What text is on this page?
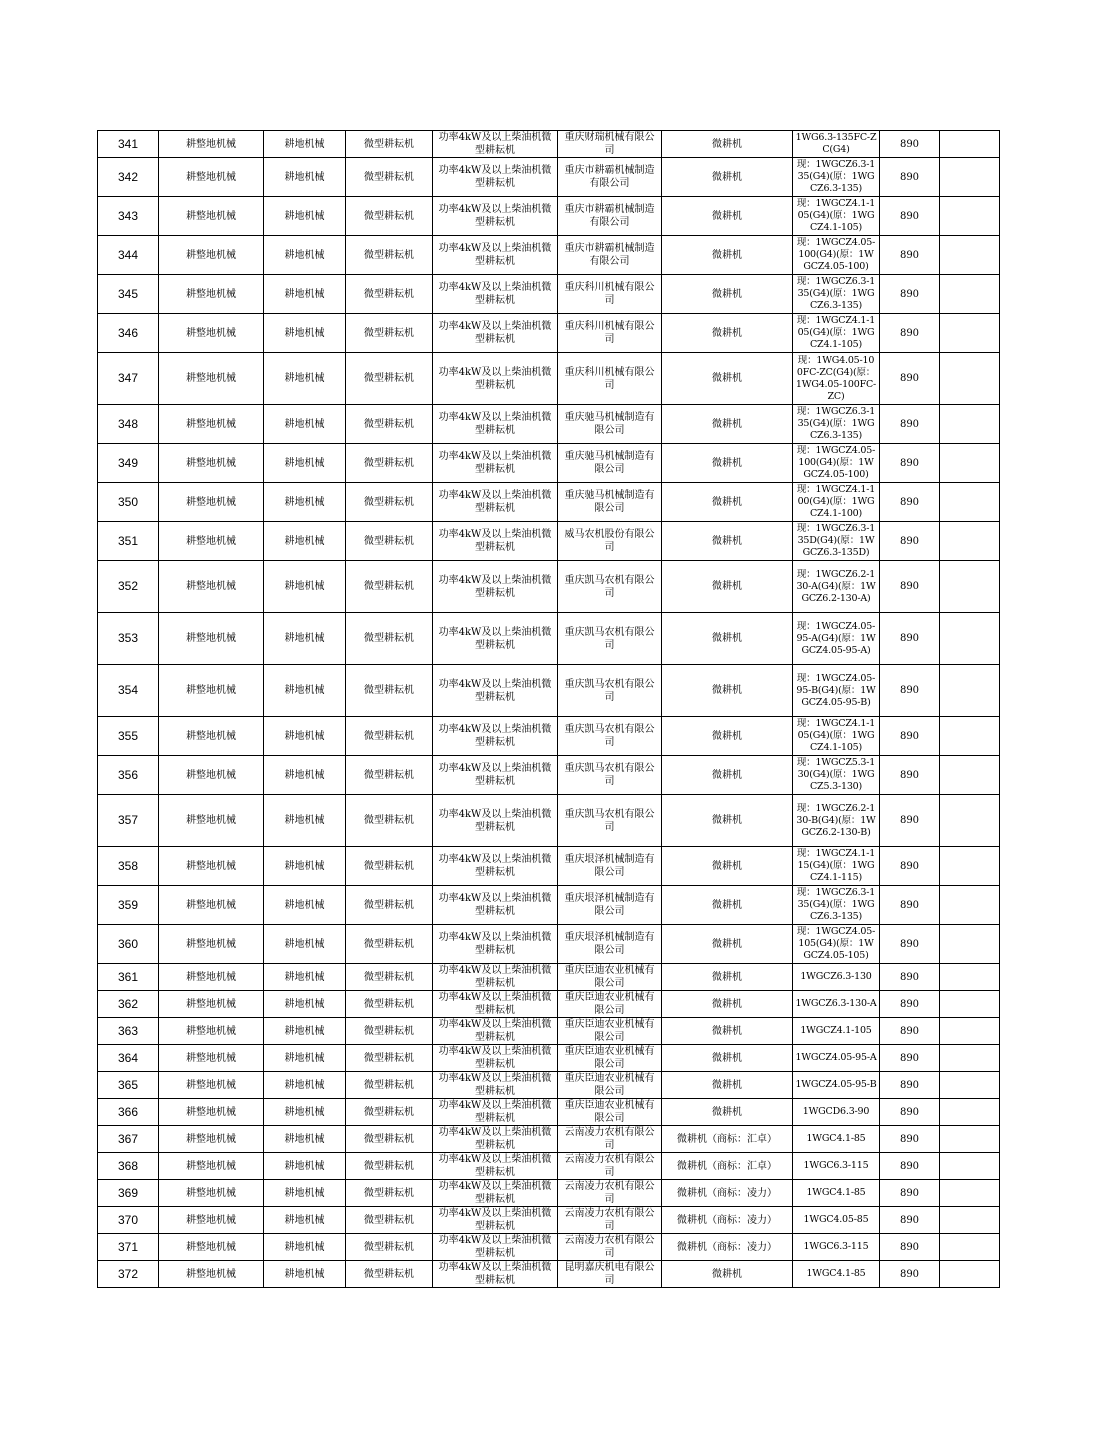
341	耕整地机械	耕地机械	微型耕耘机	功率4kW及以上柴油机微型耕耘机	重庆财瑞机械有限公司	微耕机	1WG6.3-135FC-ZC(G4)	890	
342	耕整地机械	耕地机械	微型耕耘机	功率4kW及以上柴油机微型耕耘机	重庆市耕霸机械制造有限公司	微耕机	现：1WGCZ6.3-135(G4)(原：1WGCZ6.3-135)	890	
343	耕整地机械	耕地机械	微型耕耘机	功率4kW及以上柴油机微型耕耘机	重庆市耕霸机械制造有限公司	微耕机	现：1WGCZ4.1-105(G4)(原：1WGCZ4.1-105)	890	
344	耕整地机械	耕地机械	微型耕耘机	功率4kW及以上柴油机微型耕耘机	重庆市耕霸机械制造有限公司	微耕机	现：1WGCZ4.05-100(G4)(原：1WGCZ4.05-100)	890	
345	耕整地机械	耕地机械	微型耕耘机	功率4kW及以上柴油机微型耕耘机	重庆科川机械有限公司	微耕机	现：1WGCZ6.3-135(G4)(原：1WGCZ6.3-135)	890	
346	耕整地机械	耕地机械	微型耕耘机	功率4kW及以上柴油机微型耕耘机	重庆科川机械有限公司	微耕机	现：1WGCZ4.1-105(G4)(原：1WGCZ4.1-105)	890	
347	耕整地机械	耕地机械	微型耕耘机	功率4kW及以上柴油机微型耕耘机	重庆科川机械有限公司	微耕机	现：1WG4.05-100FC-ZC(G4)(原：1WG4.05-100FC-ZC)	890	
348	耕整地机械	耕地机械	微型耕耘机	功率4kW及以上柴油机微型耕耘机	重庆驰马机械制造有限公司	微耕机	现：1WGCZ6.3-135(G4)(原：1WGCZ6.3-135)	890	
349	耕整地机械	耕地机械	微型耕耘机	功率4kW及以上柴油机微型耕耘机	重庆驰马机械制造有限公司	微耕机	现：1WGCZ4.05-100(G4)(原：1WGCZ4.05-100)	890	
350	耕整地机械	耕地机械	微型耕耘机	功率4kW及以上柴油机微型耕耘机	重庆驰马机械制造有限公司	微耕机	现：1WGCZ4.1-100(G4)(原：1WGCZ4.1-100)	890	
351	耕整地机械	耕地机械	微型耕耘机	功率4kW及以上柴油机微型耕耘机	威马农机股份有限公司	微耕机	现：1WGCZ6.3-135D(G4)(原：1WGCZ6.3-135D)	890	
352	耕整地机械	耕地机械	微型耕耘机	功率4kW及以上柴油机微型耕耘机	重庆凯马农机有限公司	微耕机	现：1WGCZ6.2-130-A(G4)(原：1WGCZ6.2-130-A)	890	
353	耕整地机械	耕地机械	微型耕耘机	功率4kW及以上柴油机微型耕耘机	重庆凯马农机有限公司	微耕机	现：1WGCZ4.05-95-A(G4)(原：1WGCZ4.05-95-A)	890	
354	耕整地机械	耕地机械	微型耕耘机	功率4kW及以上柴油机微型耕耘机	重庆凯马农机有限公司	微耕机	现：1WGCZ4.05-95-B(G4)(原：1WGCZ4.05-95-B)	890	
355	耕整地机械	耕地机械	微型耕耘机	功率4kW及以上柴油机微型耕耘机	重庆凯马农机有限公司	微耕机	现：1WGCZ4.1-105(G4)(原：1WGCZ4.1-105)	890	
356	耕整地机械	耕地机械	微型耕耘机	功率4kW及以上柴油机微型耕耘机	重庆凯马农机有限公司	微耕机	现：1WGCZ5.3-130(G4)(原：1WGCZ5.3-130)	890	
357	耕整地机械	耕地机械	微型耕耘机	功率4kW及以上柴油机微型耕耘机	重庆凯马农机有限公司	微耕机	现：1WGCZ6.2-130-B(G4)(原：1WGCZ6.2-130-B)	890	
358	耕整地机械	耕地机械	微型耕耘机	功率4kW及以上柴油机微型耕耘机	重庆垠泽机械制造有限公司	微耕机	现：1WGCZ4.1-115(G4)(原：1WGCZ4.1-115)	890	
359	耕整地机械	耕地机械	微型耕耘机	功率4kW及以上柴油机微型耕耘机	重庆垠泽机械制造有限公司	微耕机	现：1WGCZ6.3-135(G4)(原：1WGCZ6.3-135)	890	
360	耕整地机械	耕地机械	微型耕耘机	功率4kW及以上柴油机微型耕耘机	重庆垠泽机械制造有限公司	微耕机	现：1WGCZ4.05-105(G4)(原：1WGCZ4.05-105)	890	
361	耕整地机械	耕地机械	微型耕耘机	功率4kW及以上柴油机微型耕耘机	重庆臣迪农业机械有限公司	微耕机	1WGCZ6.3-130	890	
362	耕整地机械	耕地机械	微型耕耘机	功率4kW及以上柴油机微型耕耘机	重庆臣迪农业机械有限公司	微耕机	1WGCZ6.3-130-A	890	
363	耕整地机械	耕地机械	微型耕耘机	功率4kW及以上柴油机微型耕耘机	重庆臣迪农业机械有限公司	微耕机	1WGCZ4.1-105	890	
364	耕整地机械	耕地机械	微型耕耘机	功率4kW及以上柴油机微型耕耘机	重庆臣迪农业机械有限公司	微耕机	1WGCZ4.05-95-A	890	
365	耕整地机械	耕地机械	微型耕耘机	功率4kW及以上柴油机微型耕耘机	重庆臣迪农业机械有限公司	微耕机	1WGCZ4.05-95-B	890	
366	耕整地机械	耕地机械	微型耕耘机	功率4kW及以上柴油机微型耕耘机	重庆臣迪农业机械有限公司	微耕机	1WGCD6.3-90	890	
367	耕整地机械	耕地机械	微型耕耘机	功率4kW及以上柴油机微型耕耘机	云南凌力农机有限公司	微耕机（商标：汇卓）	1WGC4.1-85	890	
368	耕整地机械	耕地机械	微型耕耘机	功率4kW及以上柴油机微型耕耘机	云南凌力农机有限公司	微耕机（商标：汇卓）	1WGC6.3-115	890	
369	耕整地机械	耕地机械	微型耕耘机	功率4kW及以上柴油机微型耕耘机	云南凌力农机有限公司	微耕机（商标：凌力）	1WGC4.1-85	890	
370	耕整地机械	耕地机械	微型耕耘机	功率4kW及以上柴油机微型耕耘机	云南凌力农机有限公司	微耕机（商标：凌力）	1WGC4.05-85	890	
371	耕整地机械	耕地机械	微型耕耘机	功率4kW及以上柴油机微型耕耘机	云南凌力农机有限公司	微耕机（商标：凌力）	1WGC6.3-115	890	
372	耕整地机械	耕地机械	微型耕耘机	功率4kW及以上柴油机微型耕耘机	昆明嘉庆机电有限公司	微耕机	1WGC4.1-85	890	
